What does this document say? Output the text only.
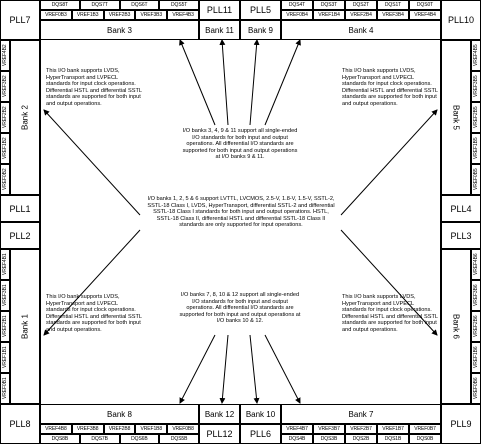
PLL7	PLL10
PLL8	PLL9
DQS8T	DQS7T	DQS6T	DQS5T
VREF0B3	VREF1B3	VREF2B3	VREF3B3	VREF4B3	PLL11	PLL5	DQS4T	DQS3T	DQS2T	DQS1T	DQS0T
VREF0B4	VREF1B4	VREF2B4	VREF3B4	VREF4B4
Bank 3	Bank 11	Bank 9	Bank 4
Bank 8	Bank 12	Bank 10	Bank 7
VREF4B8	VREF3B8	VREF2B8	VREF1B8	VREF0B8
DQS8B	DQS7B	DQS6B	DQS5B	PLL12	PLL6	VREF4B7	VREF3B7	VREF2B7	VREF1B7	VREF0B7
DQS4B	DQS3B	DQS2B	DQS1B	DQS0B
VREF4B2
VREF3B2
VREF2B2
VREF1B2
VREF0B2
Bank 2
PLL1
PLL2
VREF4B1
VREF3B1
VREF2B1
VREF1B1
VREF0B1
Bank 1
Bank 5
VREF4B5
VREF3B5
VREF2B5
VREF1B5
VREF0B5
PLL4
PLL3
Bank 6
VREF4B6
VREF3B6
VREF2B6
VREF1B6
VREF0B6
This I/O bank supports LVDS, HyperTransport and LVPECL standards for input clock operations. Differential HSTL and differential SSTL standards are supported for both input and output operations.
This I/O bank supports LVDS, HyperTransport and LVPECL standards for input clock operations. Differential HSTL and differential SSTL standards are supported for both input and output operations.
This I/O bank supports LVDS, HyperTransport and LVPECL standards for input clock operations. Differential HSTL and differential SSTL standards are supported for both input and output operations.
This I/O bank supports LVDS, HyperTransport and LVPECL standards for input clock operations. Differential HSTL and differential SSTL standards are supported for both input and output operations.
I/O banks 3, 4, 9 & 11 support all single-ended I/O standards for both input and output operations. All differential I/O standards are supported for both input and output operations at I/O banks 9 & 11.
I/O banks 1, 2, 5 & 6 support LVTTL, LVCMOS, 2.5-V, 1.8-V, 1.5-V, SSTL-2, SSTL-18 Class I, LVDS, HyperTransport, differential SSTL-2 and differential SSTL-18 Class I standards for both input and output operations. HSTL, SSTL-18 Class II, differential HSTL and differential SSTL-18 Class II standards are only supported for input operations.
I/O banks 7, 8, 10 & 12 support all single-ended I/O standards for both input and output operations. All differential I/O standards are supported for both input and output operations at I/O banks 10 & 12.
